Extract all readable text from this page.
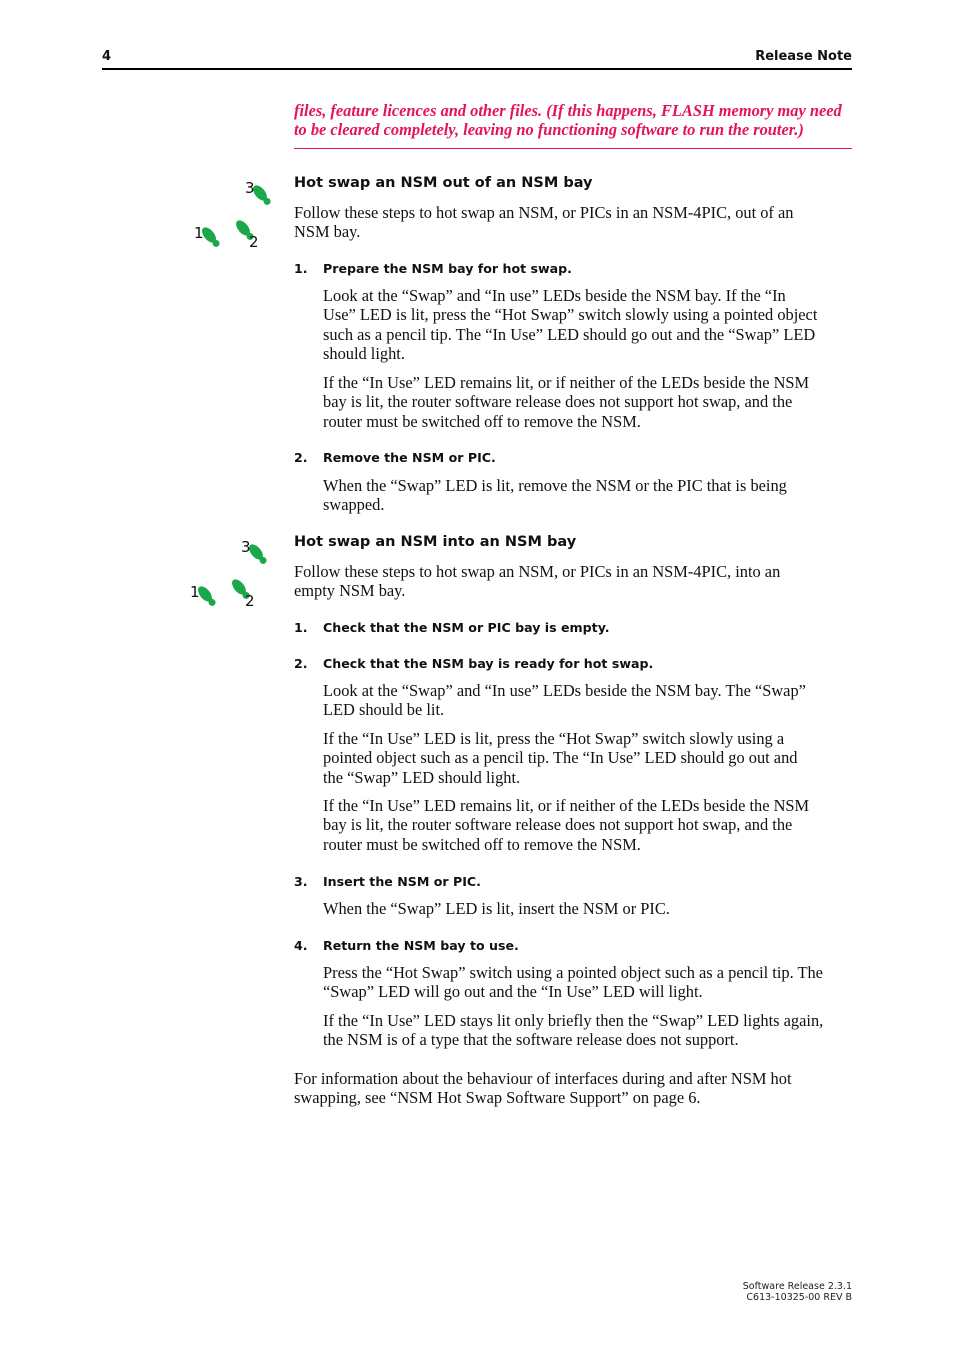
4	Release Note
files, feature licences and other files. (If this happens, FLASH memory may need
to be cleared completely, leaving no functioning software to run the router.)
3
1	2
Hot swap an NSM out of an NSM bay
Follow these steps to hot swap an NSM, or PICs in an NSM-4PIC, out of an
NSM bay.
1. Prepare the NSM bay for hot swap.
Look at the “Swap” and “In use” LEDs beside the NSM bay. If the “In
Use” LED is lit, press the “Hot Swap” switch slowly using a pointed object
such as a pencil tip. The “In Use” LED should go out and the “Swap” LED
should light.
If the “In Use” LED remains lit, or if neither of the LEDs beside the NSM
bay is lit, the router software release does not support hot swap, and the
router must be switched off to remove the NSM.
2. Remove the NSM or PIC.
When the “Swap” LED is lit, remove the NSM or the PIC that is being
swapped.
3
1	2
Hot swap an NSM into an NSM bay
Follow these steps to hot swap an NSM, or PICs in an NSM-4PIC, into an
empty NSM bay.
1. Check that the NSM or PIC bay is empty.
2. Check that the NSM bay is ready for hot swap.
Look at the “Swap” and “In use” LEDs beside the NSM bay. The “Swap”
LED should be lit.
If the “In Use” LED is lit, press the “Hot Swap” switch slowly using a
pointed object such as a pencil tip. The “In Use” LED should go out and
the “Swap” LED should light.
If the “In Use” LED remains lit, or if neither of the LEDs beside the NSM
bay is lit, the router software release does not support hot swap, and the
router must be switched off to remove the NSM.
3. Insert the NSM or PIC.
When the “Swap” LED is lit, insert the NSM or PIC.
4. Return the NSM bay to use.
Press the “Hot Swap” switch using a pointed object such as a pencil tip. The
“Swap” LED will go out and the “In Use” LED will light.
If the “In Use” LED stays lit only briefly then the “Swap” LED lights again,
the NSM is of a type that the software release does not support.
For information about the behaviour of interfaces during and after NSM hot
swapping, see “NSM Hot Swap Software Support” on page 6.
Software Release 2.3.1
C613-10325-00 REV B
